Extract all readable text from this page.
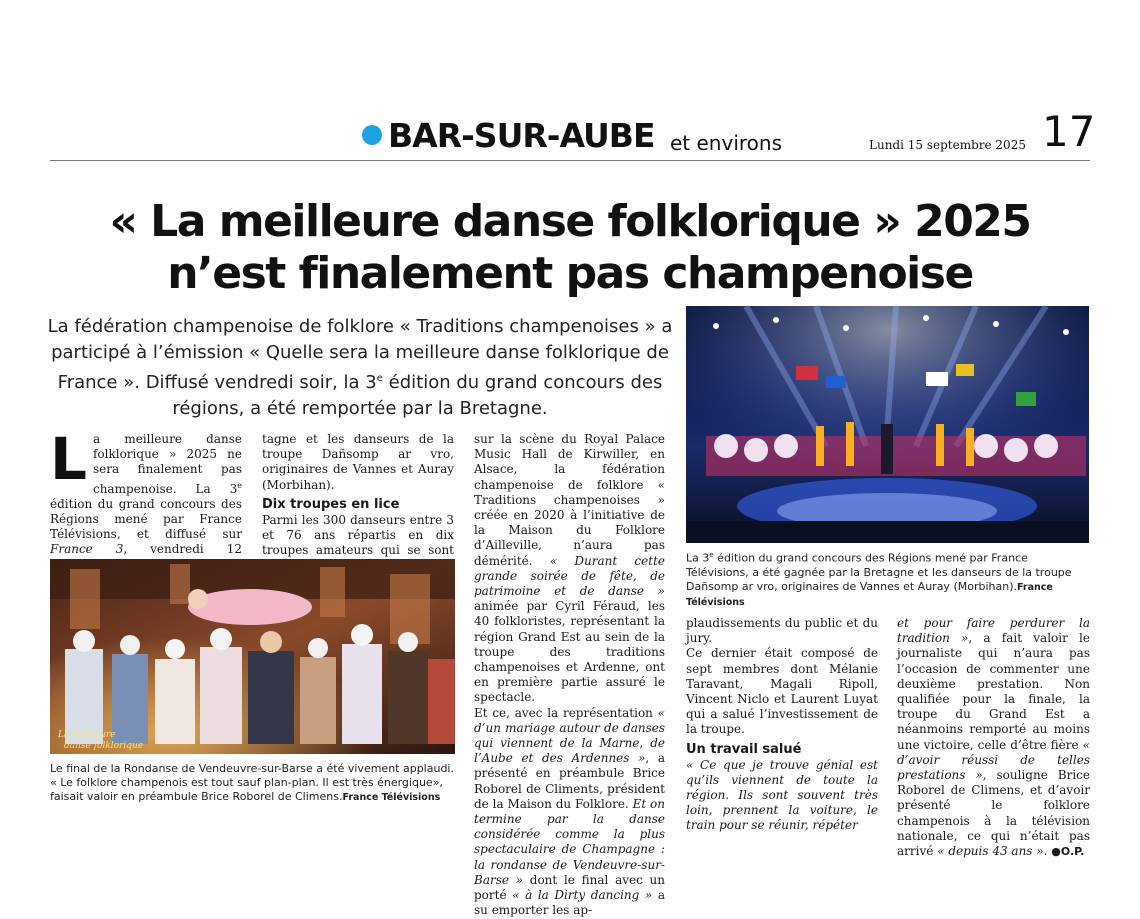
BAR-SUR-AUBE et environs	Lundi 15 septembre 2025 17
« La meilleure danse folklorique » 2025
n’est finalement pas champenoise
La fédération champenoise de folklore « Traditions champenoises » a participé à l’émission « Quelle sera la meilleure danse folklorique de France ». Diffusé vendredi soir, la 3e édition du grand concours des régions, a été remportée par la Bretagne.

La meilleure danse folklorique » 2025 ne sera finalement pas champenoise. La 3e édition du grand concours des Régions mené par France Télévisions, et diffusé sur France 3, vendredi 12

tagne et les danseurs de la troupe Dañsomp ar vro, originaires de Vannes et Auray (Morbihan).

Dix troupes en lice

Parmi les 300 danseurs entre 3 et 76 ans répartis en dix troupes amateurs qui se sont

La meilleure
danse folklorique
Le final de la Rondanse de Vendeuvre-sur-Barse a été vivement applaudi. « Le folklore champenois est tout sauf plan-plan. Il est très énergique», faisait valoir en préambule Brice Roborel de Climens.France Télévisions

sur la scène du Royal Palace Music Hall de Kirwiller, en Alsace, la fédération champenoise de folklore « Traditions champenoises » créée en 2020 à l’initiative de la Maison du Folklore d’Ailleville, n’aura pas démérité. « Durant cette grande soirée de fête, de patrimoine et de danse » animée par Cyril Féraud, les 40 folkloristes, représentant la région Grand Est au sein de la troupe des traditions champenoises et Ardenne, ont en première partie assuré le spectacle.

Et ce, avec la représentation « d’un mariage autour de danses qui viennent de la Marne, de l’Aube et des Ardennes », a présenté en préambule Brice Roborel de Climents, président de la Maison du Folklore. Et on termine par la danse considérée comme la plus spectaculaire de Champagne : la rondanse de Vendeuvre-sur-Barse » dont le final avec un porté « à la Dirty dancing » a su emporter les ap-

La 3e édition du grand concours des Régions mené par France Télévisions, a été gagnée par la Bretagne et les danseurs de la troupe Dañsomp ar vro, originaires de Vannes et Auray (Morbihan).France Télévisions

plaudissements du public et du jury.

Ce dernier était composé de sept membres dont Mélanie Taravant, Magali Ripoll, Vincent Niclo et Laurent Luyat qui a salué l’investissement de la troupe.

Un travail salué

« Ce que je trouve génial est qu’ils viennent de toute la région. Ils sont souvent très loin, prennent la voiture, le train pour se réunir, répéter

et pour faire perdurer la tradition », a fait valoir le journaliste qui n’aura pas l’occasion de commenter une deuxième prestation. Non qualifiée pour la finale, la troupe du Grand Est a néanmoins remporté au moins une victoire, celle d’être fière « d’avoir réussi de telles prestations », souligne Brice Roborel de Climens, et d’avoir présenté le folklore champenois à la télévision nationale, ce qui n’était pas arrivé « depuis 43 ans ». ●O.P.
